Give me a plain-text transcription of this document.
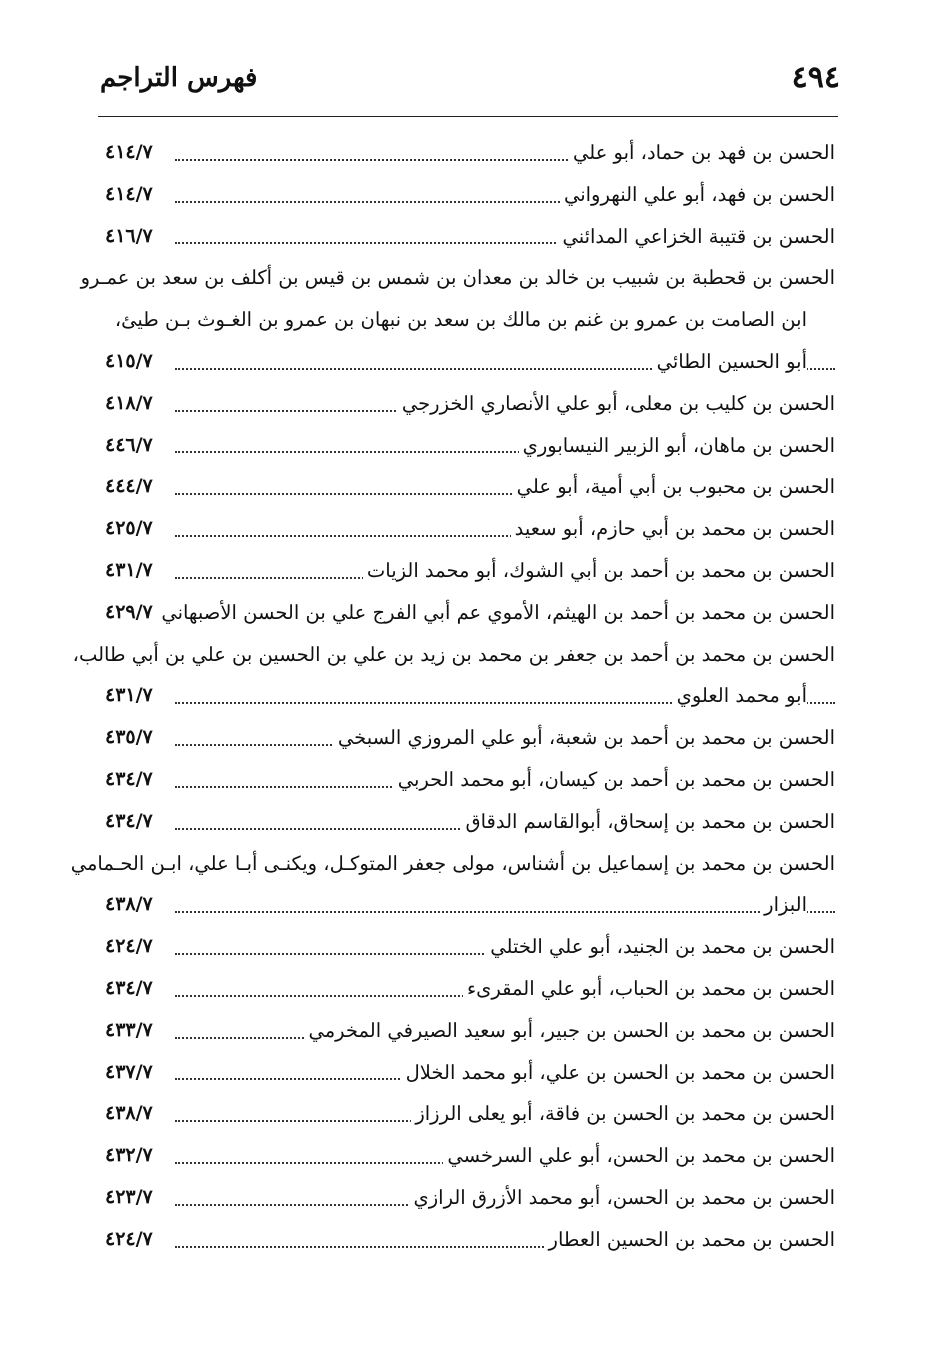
٤٩٤
فهرس التراجم
الحسن بن فهد بن حماد، أبو علي
٤١٤/٧
الحسن بن فهد، أبو علي النهرواني
٤١٤/٧
الحسن بن قتيبة الخزاعي المدائني
٤١٦/٧
الحسن بن قحطبة بن شبيب بن خالد بن معدان بن شمس بن قيس بن أكلف بن سعد بن عمـرو
ابن الصامت بن عمرو بن غنم بن مالك بن سعد بن نبهان بن عمرو بن الغـوث بـن طيئ،
أبو الحسين الطائي
٤١٥/٧
الحسن بن كليب بن معلى، أبو علي الأنصاري الخزرجي
٤١٨/٧
الحسن بن ماهان، أبو الزبير النيسابوري
٤٤٦/٧
الحسن بن محبوب بن أبي أمية، أبو علي
٤٤٤/٧
الحسن بن محمد بن أبي حازم، أبو سعيد
٤٢٥/٧
الحسن بن محمد بن أحمد بن أبي الشوك، أبو محمد الزيات
٤٣١/٧
الحسن بن محمد بن أحمد بن الهيثم، الأموي عم أبي الفرج علي بن الحسن الأصبهاني
٤٢٩/٧
الحسن بن محمد بن أحمد بن جعفر بن محمد بن زيد بن علي بن الحسين بن علي بن أبي طالب،
أبو محمد العلوي
٤٣١/٧
الحسن بن محمد بن أحمد بن شعبة، أبو علي المروزي السبخي
٤٣٥/٧
الحسن بن محمد بن أحمد بن كيسان، أبو محمد الحربي
٤٣٤/٧
الحسن بن محمد بن إسحاق، أبوالقاسم الدقاق
٤٣٤/٧
الحسن بن محمد بن إسماعيل بن أشناس، مولى جعفر المتوكـل، ويكنـى أبـا علي، ابـن الحـمامي
البزار
٤٣٨/٧
الحسن بن محمد بن الجنيد، أبو علي الختلي
٤٢٤/٧
الحسن بن محمد بن الحباب، أبو علي المقرىء
٤٣٤/٧
الحسن بن محمد بن الحسن بن جبير، أبو سعيد الصيرفي المخرمي
٤٣٣/٧
الحسن بن محمد بن الحسن بن علي، أبو محمد الخلال
٤٣٧/٧
الحسن بن محمد بن الحسن بن فاقة، أبو يعلى الرزاز
٤٣٨/٧
الحسن بن محمد بن الحسن، أبو علي السرخسي
٤٣٢/٧
الحسن بن محمد بن الحسن، أبو محمد الأزرق الرازي
٤٢٣/٧
الحسن بن محمد بن الحسين العطار
٤٢٤/٧
